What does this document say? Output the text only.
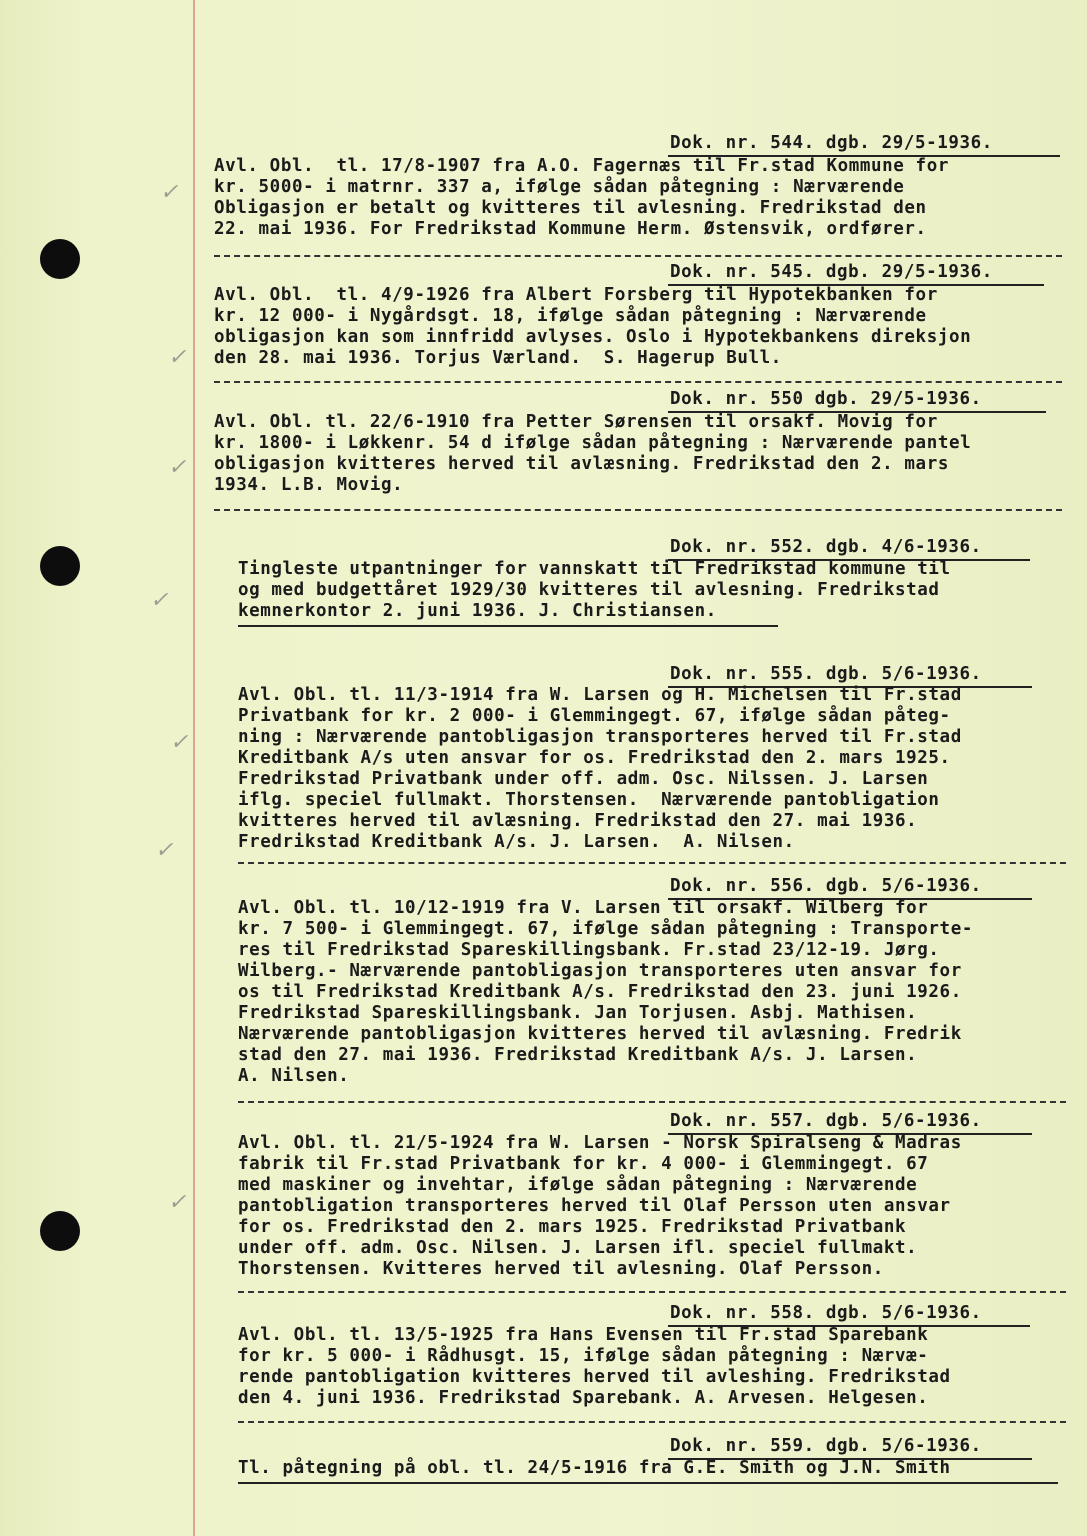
✓
✓
✓
✓
✓
✓
✓
Dok. nr. 544. dgb. 29/5-1936.
Avl. Obl.  tl. 17/8-1907 fra A.O. Fagernæs til Fr.stad Kommune for
kr. 5000- i matrnr. 337 a, ifølge sådan påtegning : Nærværende
Obligasjon er betalt og kvitteres til avlesning. Fredrikstad den
22. mai 1936. For Fredrikstad Kommune Herm. Østensvik, ordfører.
Dok. nr. 545. dgb. 29/5-1936.
Avl. Obl.  tl. 4/9-1926 fra Albert Forsberg til Hypotekbanken for
kr. 12 000- i Nygårdsgt. 18, ifølge sådan påtegning : Nærværende
obligasjon kan som innfridd avlyses. Oslo i Hypotekbankens direksjon
den 28. mai 1936. Torjus Værland.  S. Hagerup Bull.
Dok. nr. 550 dgb. 29/5-1936.
Avl. Obl. tl. 22/6-1910 fra Petter Sørensen til orsakf. Movig for
kr. 1800- i Løkkenr. 54 d ifølge sådan påtegning : Nærværende pantel
obligasjon kvitteres herved til avlæsning. Fredrikstad den 2. mars
1934. L.B. Movig.
Dok. nr. 552. dgb. 4/6-1936.
Tingleste utpantninger for vannskatt til Fredrikstad kommune til
og med budgettåret 1929/30 kvitteres til avlesning. Fredrikstad
kemnerkontor 2. juni 1936. J. Christiansen.
Dok. nr. 555. dgb. 5/6-1936.
Avl. Obl. tl. 11/3-1914 fra W. Larsen og H. Michelsen til Fr.stad
Privatbank for kr. 2 000- i Glemmingegt. 67, ifølge sådan påteg-
ning : Nærværende pantobligasjon transporteres herved til Fr.stad
Kreditbank A/s uten ansvar for os. Fredrikstad den 2. mars 1925.
Fredrikstad Privatbank under off. adm. Osc. Nilssen. J. Larsen
iflg. speciel fullmakt. Thorstensen.  Nærværende pantobligation
kvitteres herved til avlæsning. Fredrikstad den 27. mai 1936.
Fredrikstad Kreditbank A/s. J. Larsen.  A. Nilsen.
Dok. nr. 556. dgb. 5/6-1936.
Avl. Obl. tl. 10/12-1919 fra V. Larsen til orsakf. Wilberg for
kr. 7 500- i Glemmingegt. 67, ifølge sådan påtegning : Transporte-
res til Fredrikstad Spareskillingsbank. Fr.stad 23/12-19. Jørg.
Wilberg.- Nærværende pantobligasjon transporteres uten ansvar for
os til Fredrikstad Kreditbank A/s. Fredrikstad den 23. juni 1926.
Fredrikstad Spareskillingsbank. Jan Torjusen. Asbj. Mathisen.
Nærværende pantobligasjon kvitteres herved til avlæsning. Fredrik
stad den 27. mai 1936. Fredrikstad Kreditbank A/s. J. Larsen.
A. Nilsen.
Dok. nr. 557. dgb. 5/6-1936.
Avl. Obl. tl. 21/5-1924 fra W. Larsen - Norsk Spiralseng & Madras
fabrik til Fr.stad Privatbank for kr. 4 000- i Glemmingegt. 67
med maskiner og invehtar, ifølge sådan påtegning : Nærværende
pantobligation transporteres herved til Olaf Persson uten ansvar
for os. Fredrikstad den 2. mars 1925. Fredrikstad Privatbank
under off. adm. Osc. Nilsen. J. Larsen ifl. speciel fullmakt.
Thorstensen. Kvitteres herved til avlesning. Olaf Persson.
Dok. nr. 558. dgb. 5/6-1936.
Avl. Obl. tl. 13/5-1925 fra Hans Evensen til Fr.stad Sparebank
for kr. 5 000- i Rådhusgt. 15, ifølge sådan påtegning : Nærvæ-
rende pantobligation kvitteres herved til avleshing. Fredrikstad
den 4. juni 1936. Fredrikstad Sparebank. A. Arvesen. Helgesen.
Dok. nr. 559. dgb. 5/6-1936.
Tl. påtegning på obl. tl. 24/5-1916 fra G.E. Smith og J.N. Smith
